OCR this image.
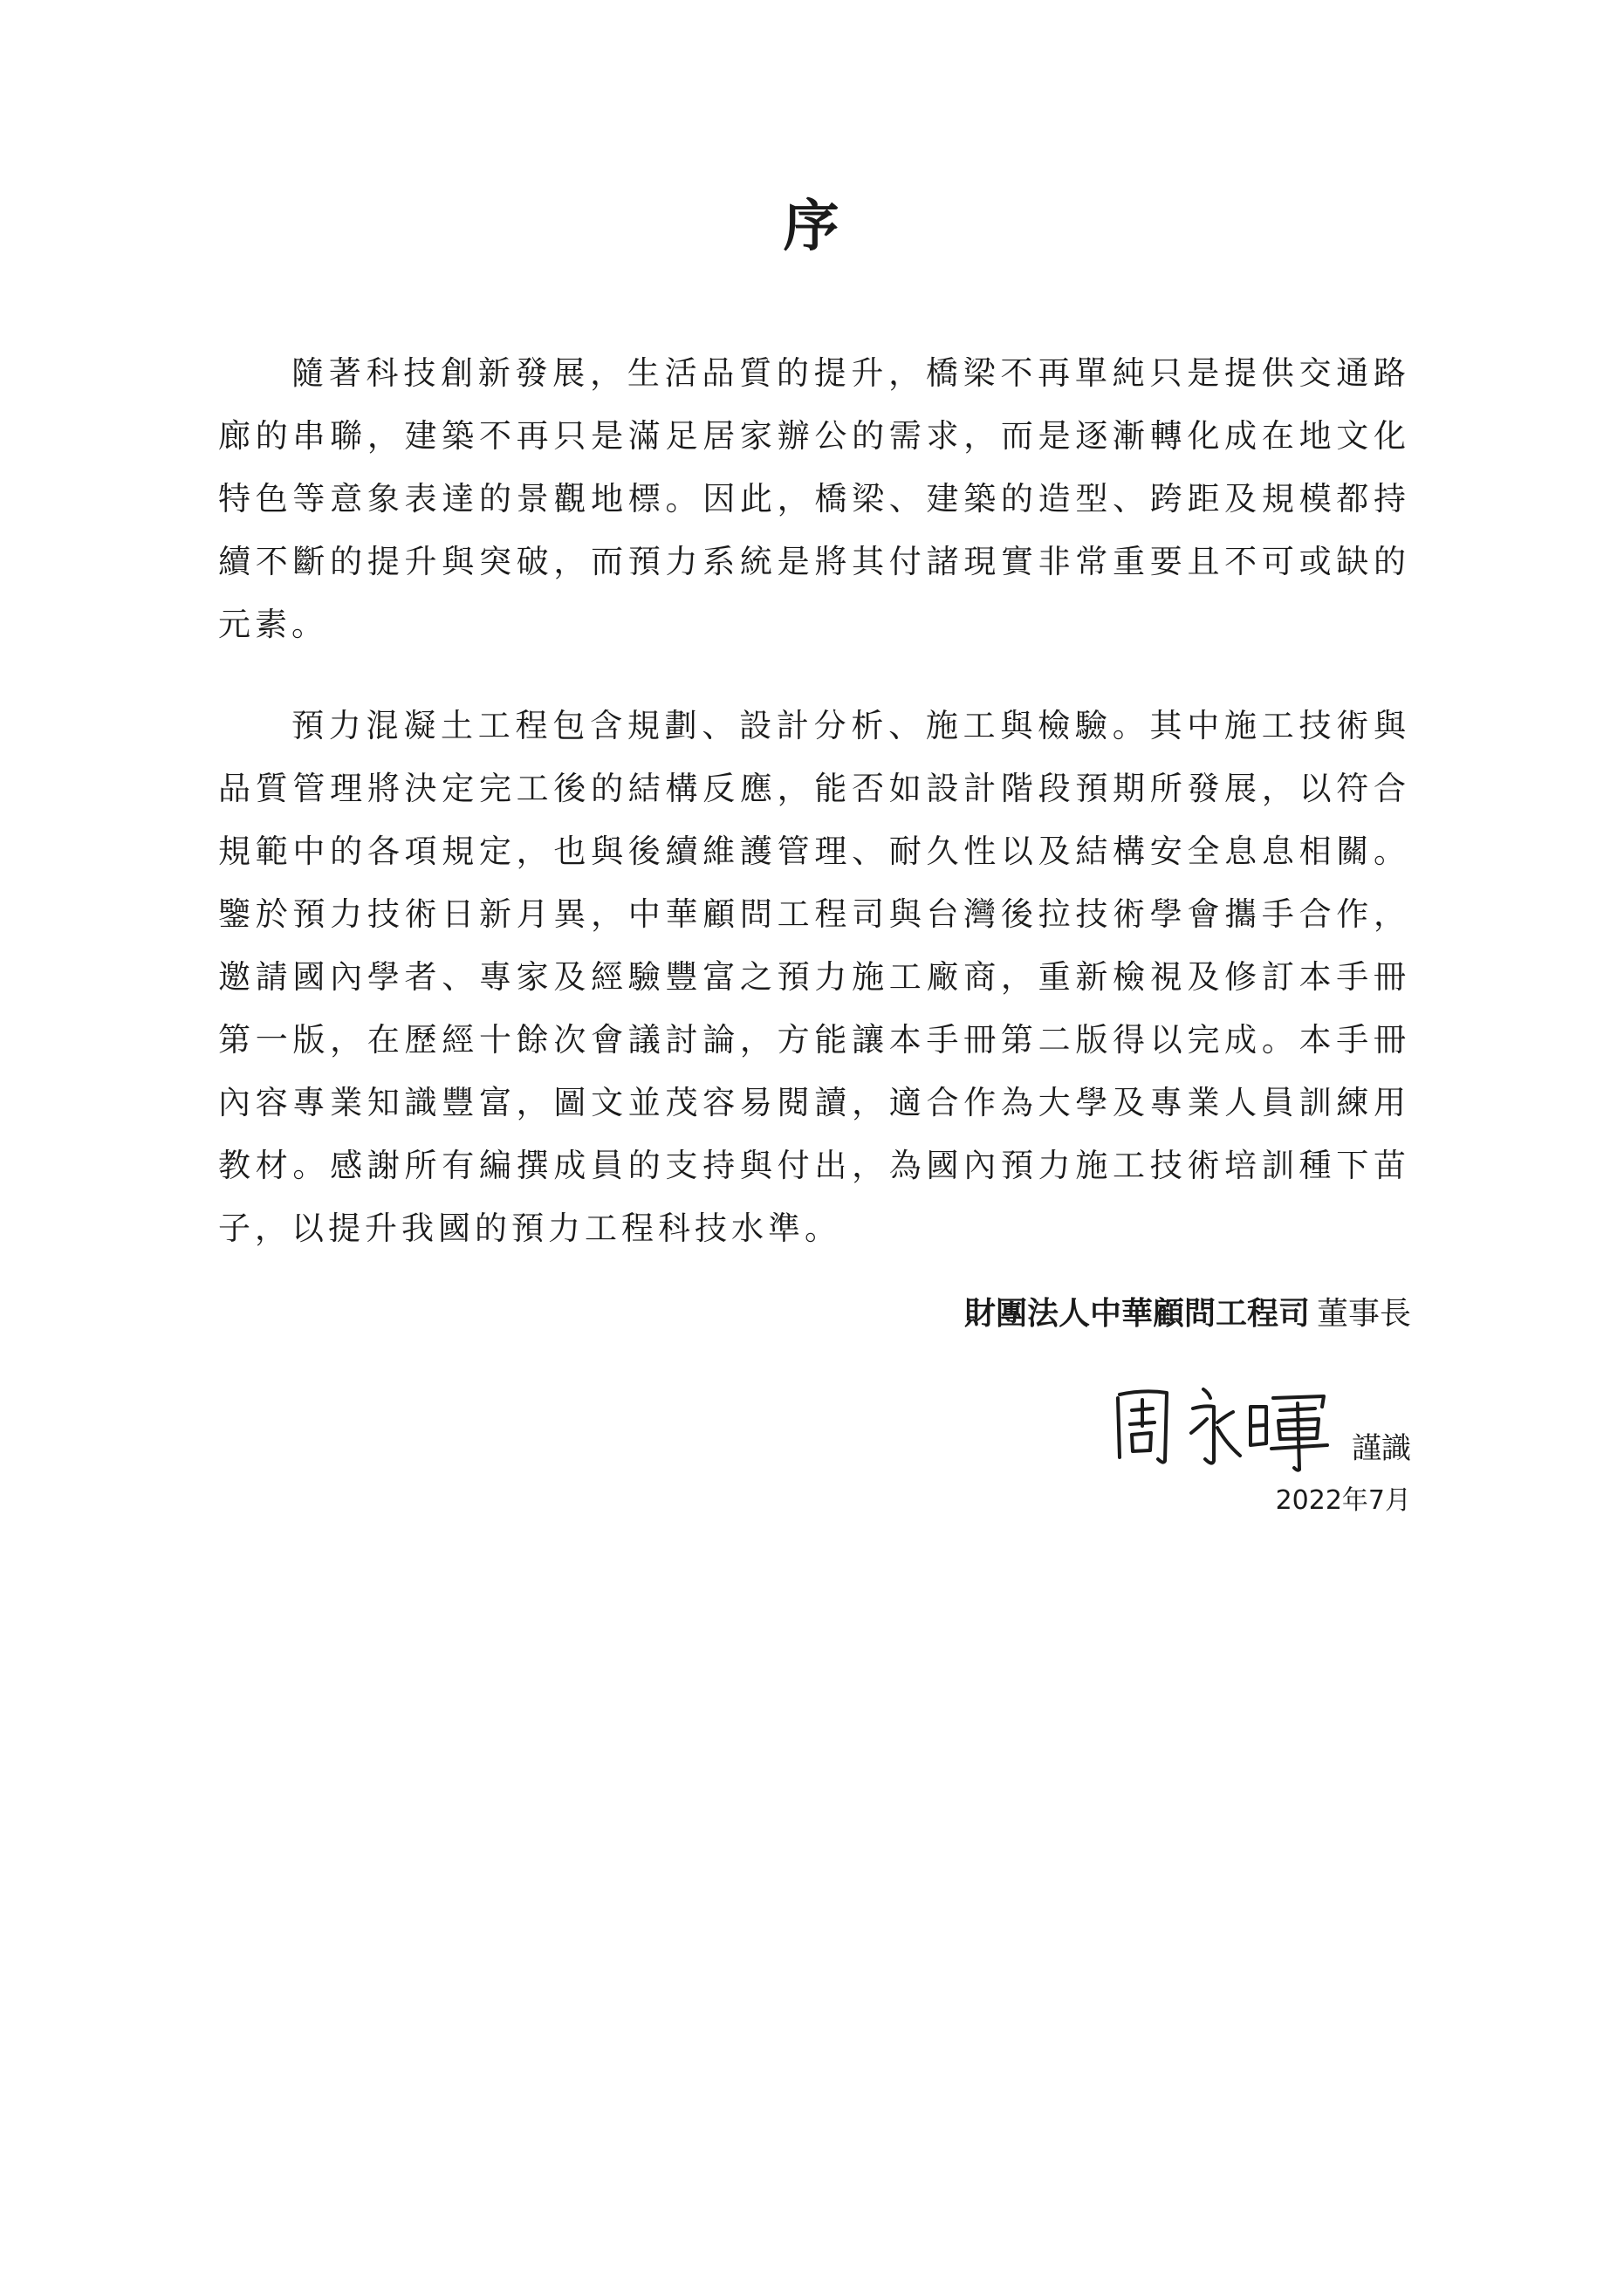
序

隨著科技創新發展，生活品質的提升，橋梁不再單純只是提供交通路廊的串聯，建築不再只是滿足居家辦公的需求，而是逐漸轉化成在地文化特色等意象表達的景觀地標。因此，橋梁、建築的造型、跨距及規模都持續不斷的提升與突破，而預力系統是將其付諸現實非常重要且不可或缺的元素。

預力混凝土工程包含規劃、設計分析、施工與檢驗。其中施工技術與品質管理將決定完工後的結構反應，能否如設計階段預期所發展，以符合規範中的各項規定，也與後續維護管理、耐久性以及結構安全息息相關。鑒於預力技術日新月異，中華顧問工程司與台灣後拉技術學會攜手合作，邀請國內學者、專家及經驗豐富之預力施工廠商，重新檢視及修訂本手冊第一版，在歷經十餘次會議討論，方能讓本手冊第二版得以完成。本手冊內容專業知識豐富，圖文並茂容易閱讀，適合作為大學及專業人員訓練用教材。感謝所有編撰成員的支持與付出，為國內預力施工技術培訓種下苗子，以提升我國的預力工程科技水準。

財團法人中華顧問工程司 董事長
謹識
2022年7月
